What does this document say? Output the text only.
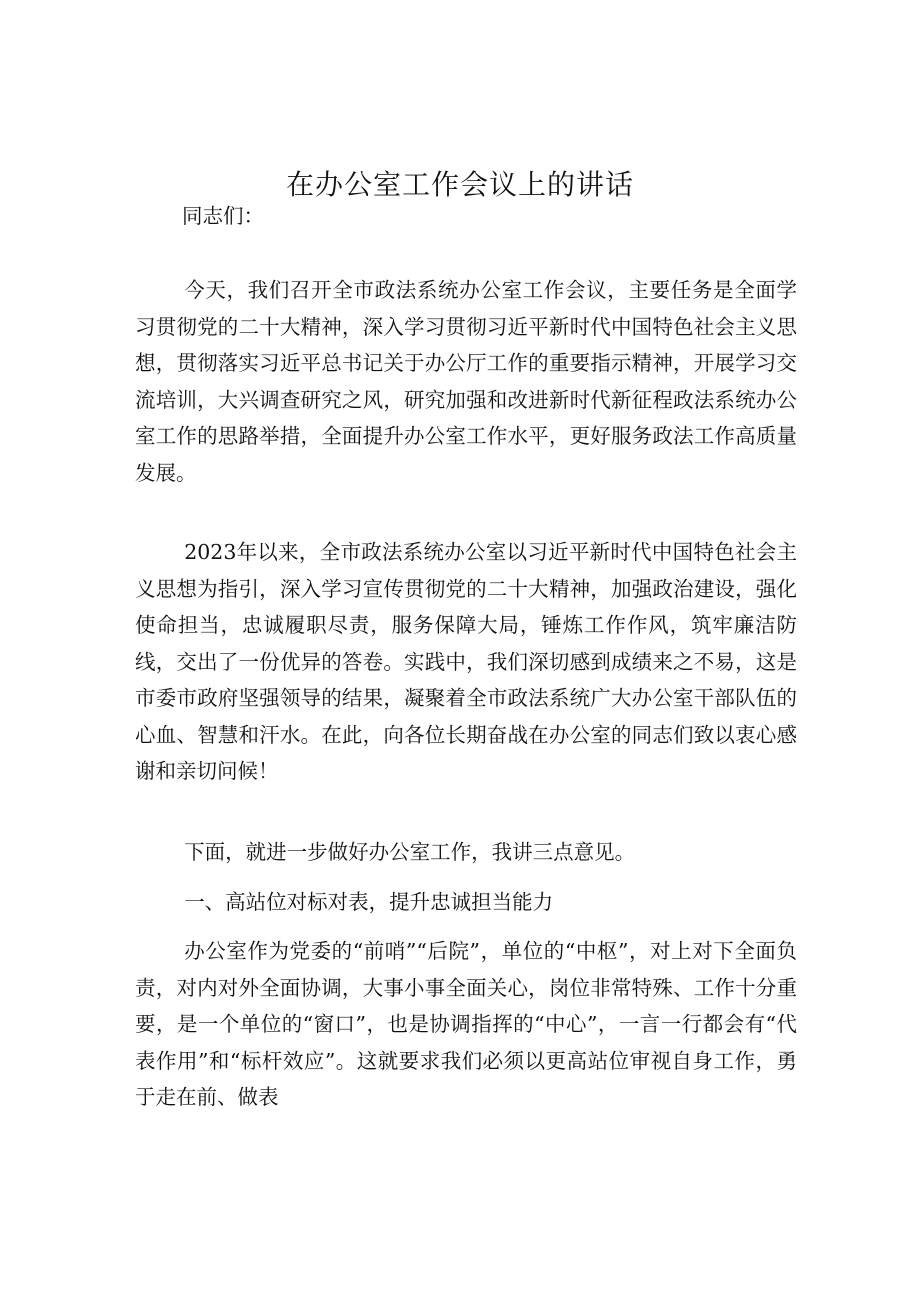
在办公室工作会议上的讲话

同志们：

今天，我们召开全市政法系统办公室工作会议，主要任务是全面学习贯彻党的二十大精神，深入学习贯彻习近平新时代中国特色社会主义思想，贯彻落实习近平总书记关于办公厅工作的重要指示精神，开展学习交流培训，大兴调查研究之风，研究加强和改进新时代新征程政法系统办公室工作的思路举措，全面提升办公室工作水平，更好服务政法工作高质量发展。

2023年以来，全市政法系统办公室以习近平新时代中国特色社会主义思想为指引，深入学习宣传贯彻党的二十大精神，加强政治建设，强化使命担当，忠诚履职尽责，服务保障大局，锤炼工作作风，筑牢廉洁防线，交出了一份优异的答卷。实践中，我们深切感到成绩来之不易，这是市委市政府坚强领导的结果，凝聚着全市政法系统广大办公室干部队伍的心血、智慧和汗水。在此，向各位长期奋战在办公室的同志们致以衷心感谢和亲切问候！

下面，就进一步做好办公室工作，我讲三点意见。

一、高站位对标对表，提升忠诚担当能力

办公室作为党委的“前哨”“后院”，单位的“中枢”，对上对下全面负责，对内对外全面协调，大事小事全面关心，岗位非常特殊、工作十分重要，是一个单位的“窗口”，也是协调指挥的“中心”，一言一行都会有“代表作用”和“标杆效应”。这就要求我们必须以更高站位审视自身工作，勇于走在前、做表
